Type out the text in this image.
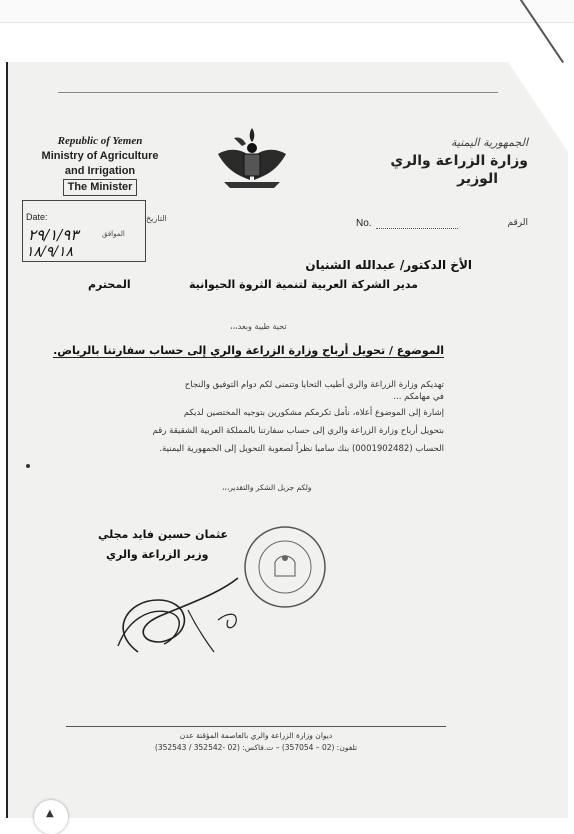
Republic of Yemen
Ministry of Agriculture
and Irrigation
The Minister
الجمهورية اليمنية
وزارة الزراعة والري
الوزير
Date:	التاريخ
٢٩/١/٩٣
١٨/٩/١٨
الموافق
No.	الرقم
الأخ الدكتور/ عبدالله الشنيان
مدير الشركة العربية لتنمية الثروة الحيوانية
المحترم
تحية طيبة وبعد،،،
الموضوع / تحويل أرباح وزارة الزراعة والري إلى حساب سفارتنا بالرياض.
تهديكم وزارة الزراعة والري أطيب التحايا وتتمنى لكم دوام التوفيق والنجاح
في مهامكم ...
إشارة إلى الموضوع أعلاه، نأمل تكرمكم مشكورين بتوجيه المختصين لديكم
بتحويل أرباح وزارة الزراعة والري إلى حساب سفارتنا بالمملكة العربية الشقيقة رقم
الحساب (0001902482) بنك سامبا نظراً لصعوبة التحويل إلى الجمهورية اليمنية.
ولكم جزيل الشكر والتقدير،،،
عثمان حسين فايد مجلي
وزير الزراعة والري
ديوان وزارة الزراعة والري بالعاصمة المؤقتة عدن
تلفون: (02 – 357054) – ت.فاكس: (02 -352542 / 352543)
▲
